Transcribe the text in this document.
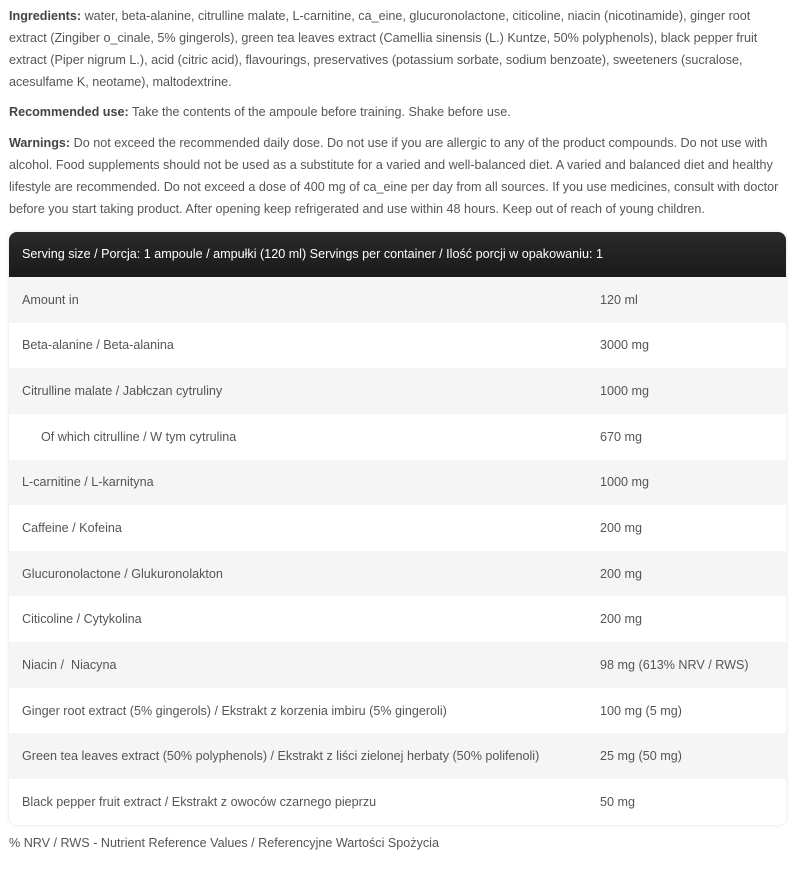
Ingredients: water, beta-alanine, citrulline malate, L-carnitine, ca_eine, glucuronolactone, citicoline, niacin (nicotinamide), ginger root extract (Zingiber o_cinale, 5% gingerols), green tea leaves extract (Camellia sinensis (L.) Kuntze, 50% polyphenols), black pepper fruit extract (Piper nigrum L.), acid (citric acid), flavourings, preservatives (potassium sorbate, sodium benzoate), sweeteners (sucralose, acesulfame K, neotame), maltodextrine.

Recommended use: Take the contents of the ampoule before training. Shake before use.

Warnings: Do not exceed the recommended daily dose. Do not use if you are allergic to any of the product compounds. Do not use with alcohol. Food supplements should not be used as a substitute for a varied and well-balanced diet. A varied and balanced diet and healthy lifestyle are recommended. Do not exceed a dose of 400 mg of ca_eine per day from all sources. If you use medicines, consult with doctor before you start taking product. After opening keep refrigerated and use within 48 hours. Keep out of reach of young children.

Serving size / Porcja: 1 ampoule / ampułki (120 ml) Servings per container / Ilość porcji w opakowaniu: 1
Amount in	120 ml
Beta-alanine / Beta-alanina	3000 mg
Citrulline malate / Jabłczan cytruliny	1000 mg
Of which citrulline / W tym cytrulina	670 mg
L-carnitine / L-karnityna	1000 mg
Caffeine / Kofeina	200 mg
Glucuronolactone / Glukuronolakton	200 mg
Citicoline / Cytykolina	200 mg
Niacin /  Niacyna	98 mg (613% NRV / RWS)
Ginger root extract (5% gingerols) / Ekstrakt z korzenia imbiru (5% gingeroli)	100 mg (5 mg)
Green tea leaves extract (50% polyphenols) / Ekstrakt z liści zielonej herbaty (50% polifenoli)	25 mg (50 mg)
Black pepper fruit extract / Ekstrakt z owoców czarnego pieprzu	50 mg
% NRV / RWS - Nutrient Reference Values / Referencyjne Wartości Spożycia
